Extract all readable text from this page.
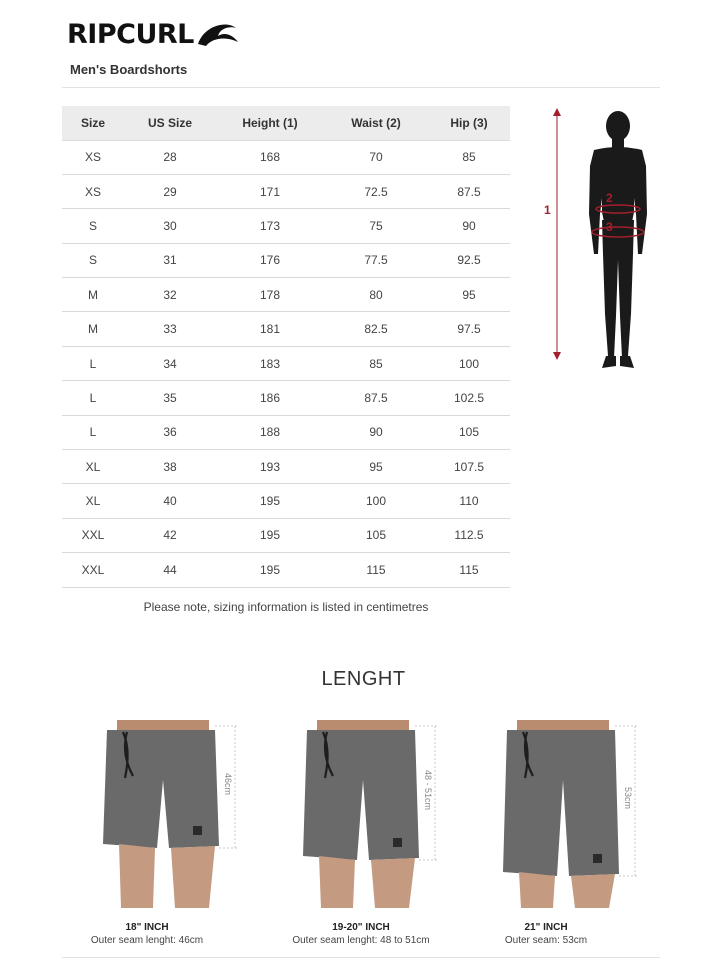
RIPCURL
Men's Boardshorts
Size	US Size	Height (1)	Waist (2)	Hip (3)
XS	28	168	70	85
XS	29	171	72.5	87.5
S	30	173	75	90
S	31	176	77.5	92.5
M	32	178	80	95
M	33	181	82.5	97.5
L	34	183	85	100
L	35	186	87.5	102.5
L	36	188	90	105
XL	38	193	95	107.5
XL	40	195	100	110
XXL	42	195	105	112.5
XXL	44	195	115	115
Please note, sizing information is listed in centimetres
1
2
3
LENGHT
46cm
18" INCH
Outer seam lenght: 46cm
48 - 51cm
19-20" INCH
Outer seam lenght: 48 to 51cm
53cm
21" INCH
Outer seam: 53cm
